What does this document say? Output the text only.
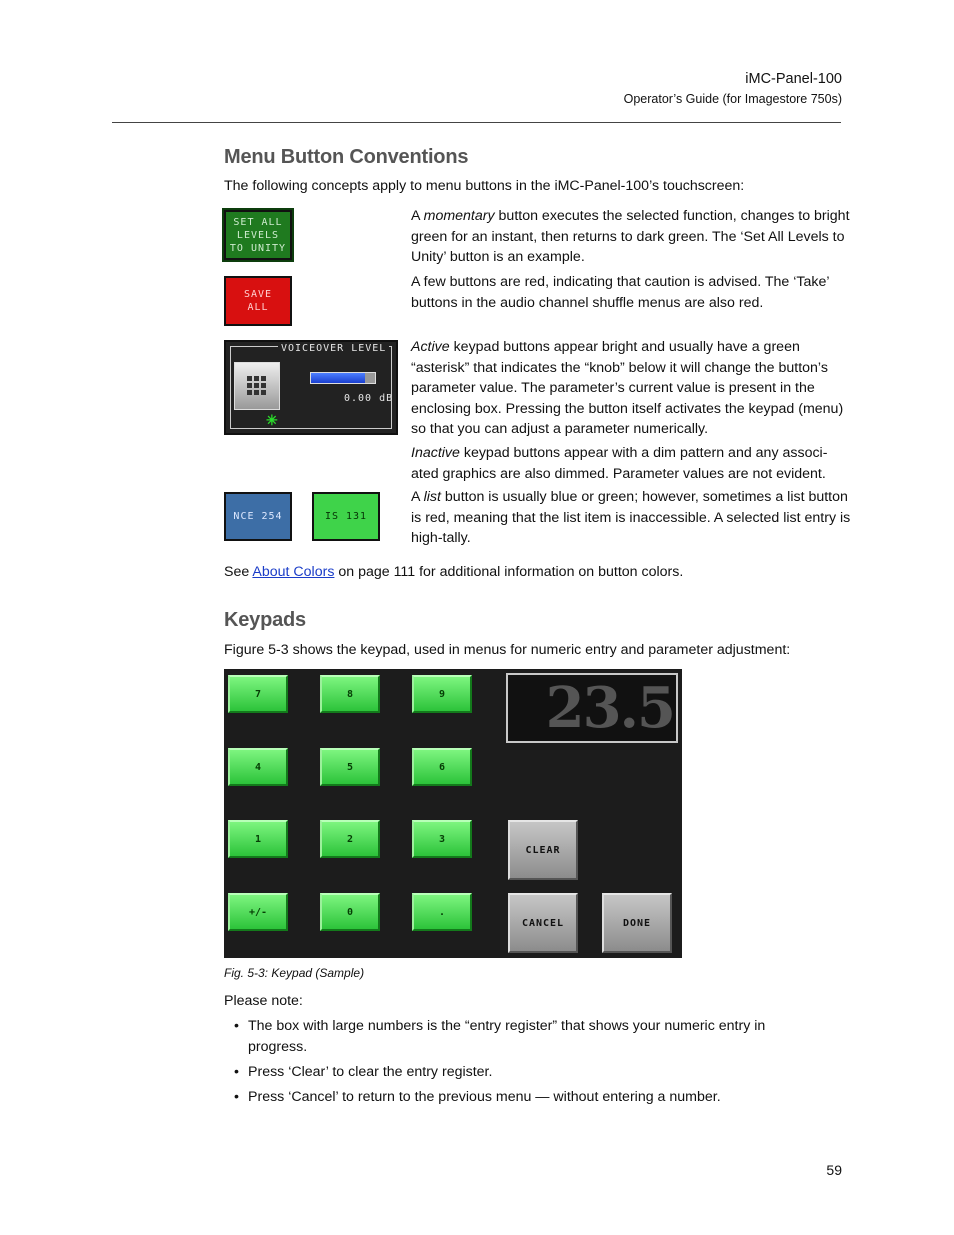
iMC-Panel-100
Operator’s Guide (for Imagestore 750s)
Menu Button Conventions
The following concepts apply to menu buttons in the iMC-Panel-100’s touchscreen:
SET ALL
LEVELS
TO UNITY
A momentary button executes the selected function, changes to bright green for an instant, then returns to dark green. The ‘Set All Levels to Unity’ button is an example.
SAVE
ALL
A few buttons are red, indicating that caution is advised. The ‘Take’ buttons in the audio channel shuffle menus are also red.
VOICEOVER LEVEL
0.00 dB
✳
Active keypad buttons appear bright and usually have a green “asterisk” that indicates the “knob” below it will change the button’s parameter value. The parameter’s current value is present in the enclosing box. Pressing the button itself activates the keypad (menu) so that you can adjust a parameter numerically.
Inactive keypad buttons appear with a dim pattern and any associ-ated graphics are also dimmed. Parameter values are not evident.
NCE 254	IS 131
A list button is usually blue or green; however, sometimes a list button is red, meaning that the list item is inaccessible. A selected list entry is high-tally.
See About Colors on page 111 for additional information on button colors.
Keypads
Figure 5-3 shows the keypad, used in menus for numeric entry and parameter adjustment:
7	8	9
4	5	6
1	2	3
+/-	0	.
23.5
CLEAR
CANCEL	DONE
Fig. 5-3: Keypad (Sample)
Please note:
• The box with large numbers is the “entry register” that shows your numeric entry in progress.
• Press ‘Clear’ to clear the entry register.
• Press ‘Cancel’ to return to the previous menu — without entering a number.
59
